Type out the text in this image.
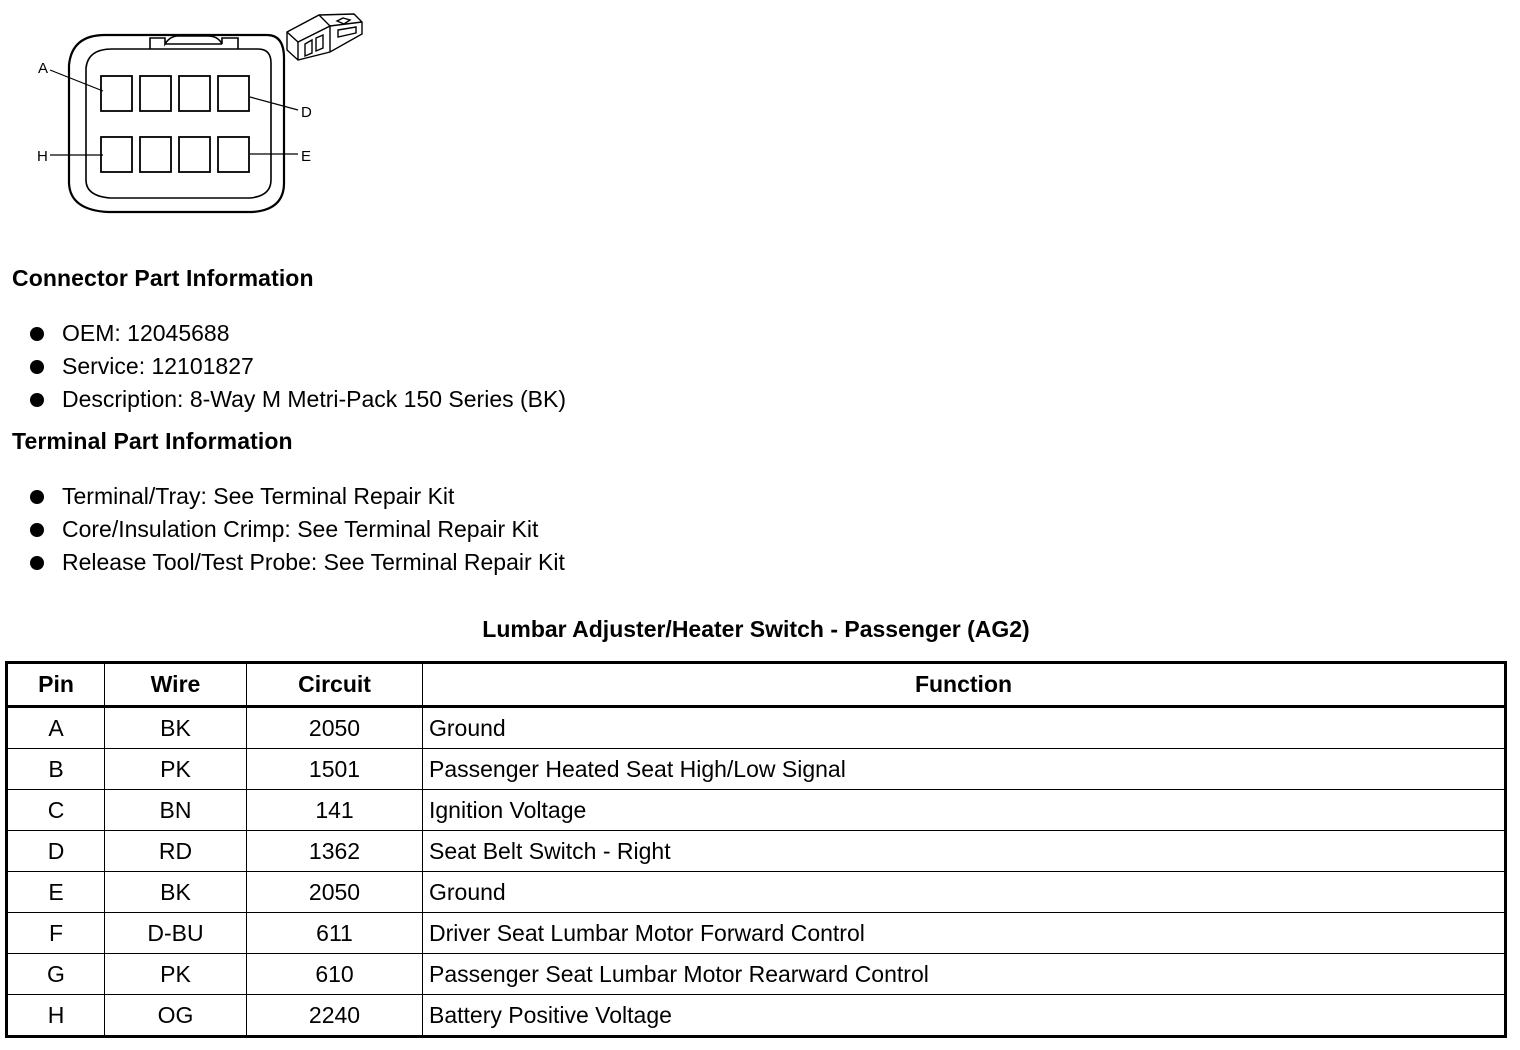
A
D
H	E
Connector Part Information
OEM: 12045688
Service: 12101827
Description: 8-Way M Metri-Pack 150 Series (BK)
Terminal Part Information
Terminal/Tray: See Terminal Repair Kit
Core/Insulation Crimp: See Terminal Repair Kit
Release Tool/Test Probe: See Terminal Repair Kit
Lumbar Adjuster/Heater Switch - Passenger (AG2)
Pin	Wire	Circuit	Function
A	BK	2050	Ground
B	PK	1501	Passenger Heated Seat High/Low Signal
C	BN	141	Ignition Voltage
D	RD	1362	Seat Belt Switch - Right
E	BK	2050	Ground
F	D-BU	611	Driver Seat Lumbar Motor Forward Control
G	PK	610	Passenger Seat Lumbar Motor Rearward Control
H	OG	2240	Battery Positive Voltage
